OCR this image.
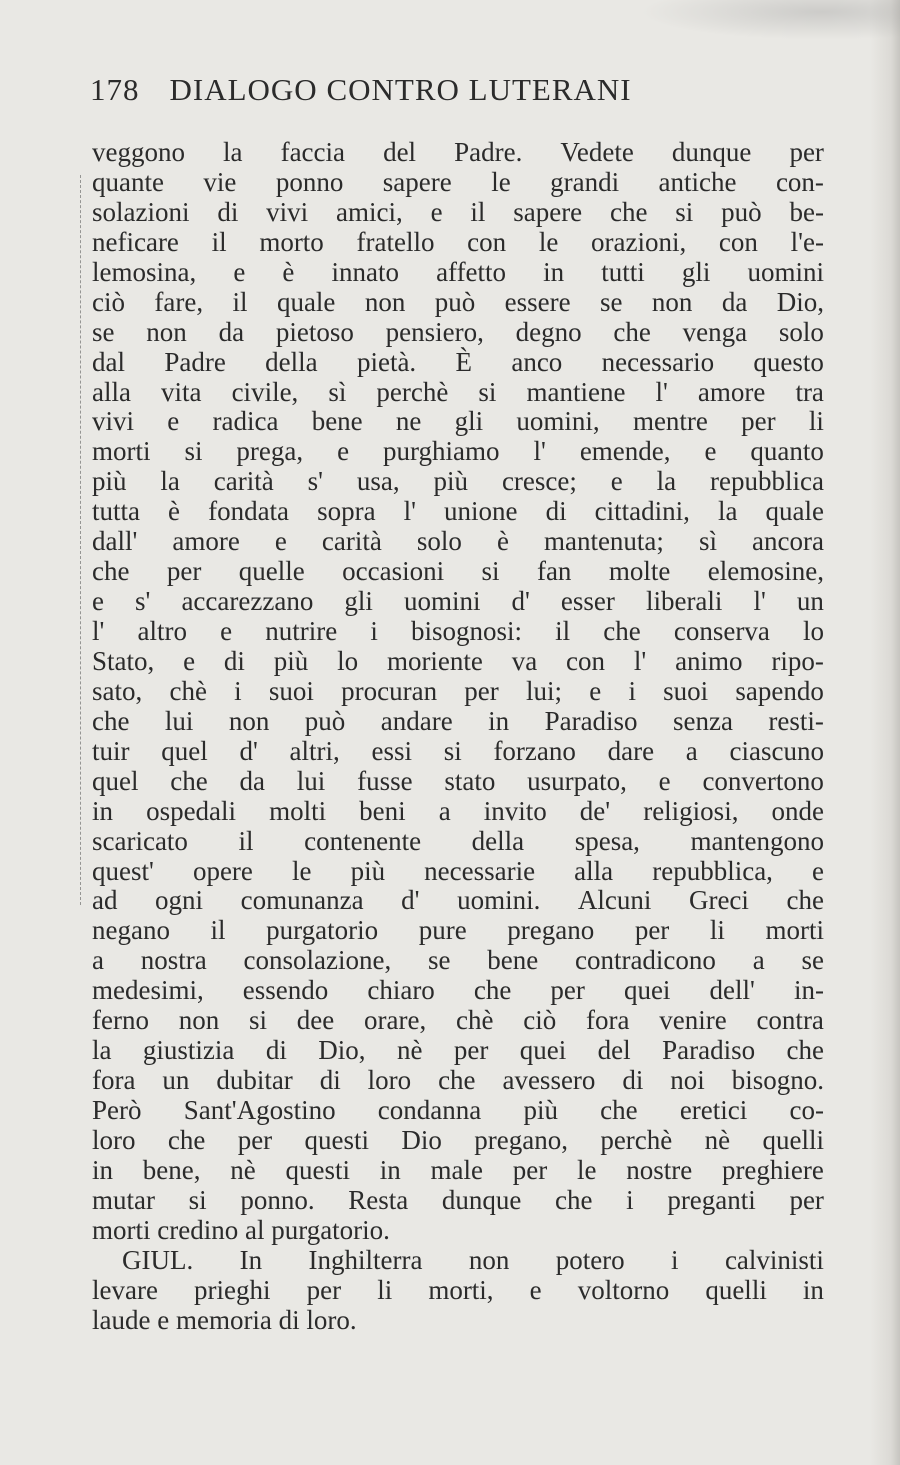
178 DIALOGO CONTRO LUTERANI
veggono la faccia del Padre. Vedete dunque per
quante vie ponno sapere le grandi antiche con-
solazioni di vivi amici, e il sapere che si può be-
neficare il morto fratello con le orazioni, con l'e-
lemosina, e è innato affetto in tutti gli uomini
ciò fare, il quale non può essere se non da Dio,
se non da pietoso pensiero, degno che venga solo
dal Padre della pietà. È anco necessario questo
alla vita civile, sì perchè si mantiene l' amore tra
vivi e radica bene ne gli uomini, mentre per li
morti si prega, e purghiamo l' emende, e quanto
più la carità s' usa, più cresce; e la repubblica
tutta è fondata sopra l' unione di cittadini, la quale
dall' amore e carità solo è mantenuta; sì ancora
che per quelle occasioni si fan molte elemosine,
e s' accarezzano gli uomini d' esser liberali l' un
l' altro e nutrire i bisognosi: il che conserva lo
Stato, e di più lo moriente va con l' animo ripo-
sato, chè i suoi procuran per lui; e i suoi sapendo
che lui non può andare in Paradiso senza resti-
tuir quel d' altri, essi si forzano dare a ciascuno
quel che da lui fusse stato usurpato, e convertono
in ospedali molti beni a invito de' religiosi, onde
scaricato il contenente della spesa, mantengono
quest' opere le più necessarie alla repubblica, e
ad ogni comunanza d' uomini. Alcuni Greci che
negano il purgatorio pure pregano per li morti
a nostra consolazione, se bene contradicono a se
medesimi, essendo chiaro che per quei dell' in-
ferno non si dee orare, chè ciò fora venire contra
la giustizia di Dio, nè per quei del Paradiso che
fora un dubitar di loro che avessero di noi bisogno.
Però Sant'Agostino condanna più che eretici co-
loro che per questi Dio pregano, perchè nè quelli
in bene, nè questi in male per le nostre preghiere
mutar si ponno. Resta dunque che i preganti per
morti credino al purgatorio.
GIUL. In Inghilterra non potero i calvinisti
levare prieghi per li morti, e voltorno quelli in
laude e memoria di loro.
